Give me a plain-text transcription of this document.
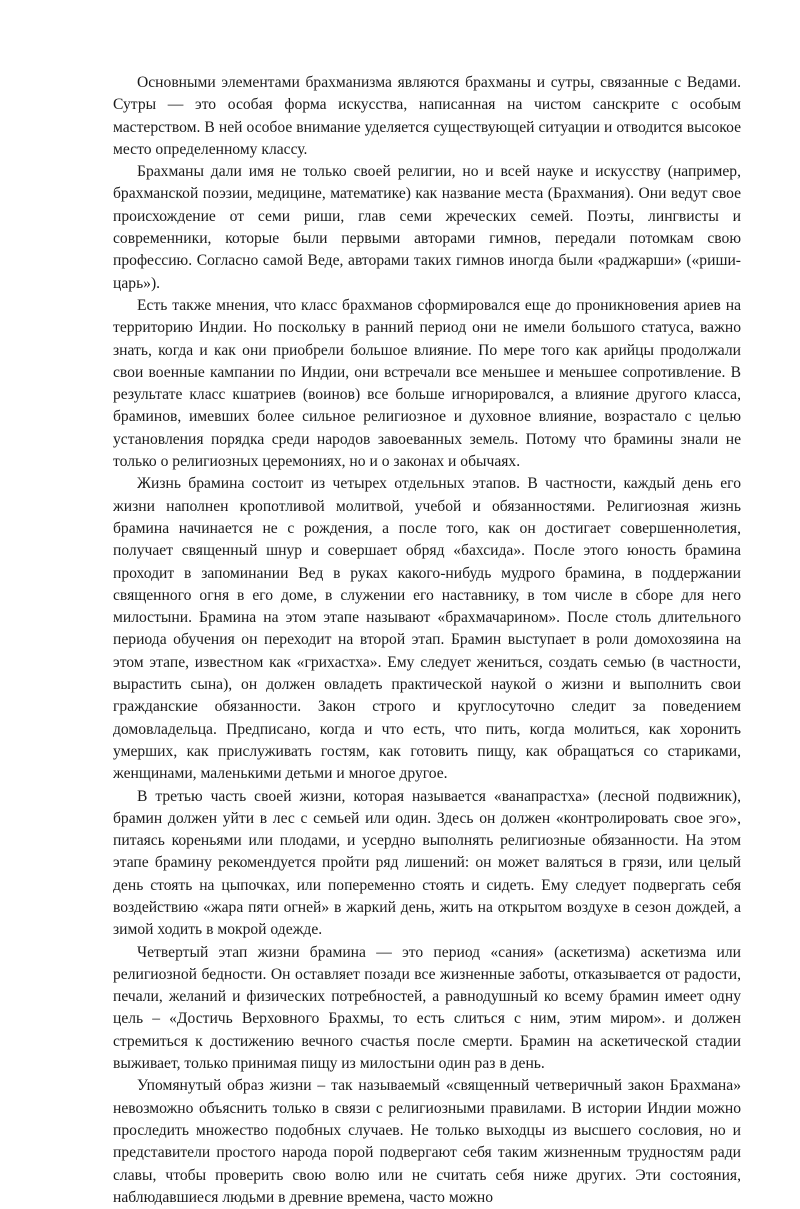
Основными элементами брахманизма являются брахманы и сутры, связанные с Ведами. Сутры — это особая форма искусства, написанная на чистом санскрите с особым мастерством. В ней особое внимание уделяется существующей ситуации и отводится высокое место определенному классу.

Брахманы дали имя не только своей религии, но и всей науке и искусству (например, брахманской поэзии, медицине, математике) как название места (Брахмания). Они ведут свое происхождение от семи риши, глав семи жреческих семей. Поэты, лингвисты и современники, которые были первыми авторами гимнов, передали потомкам свою профессию. Согласно самой Веде, авторами таких гимнов иногда были «раджарши» («риши-царь»).

Есть также мнения, что класс брахманов сформировался еще до проникновения ариев на территорию Индии. Но поскольку в ранний период они не имели большого статуса, важно знать, когда и как они приобрели большое влияние. По мере того как арийцы продолжали свои военные кампании по Индии, они встречали все меньшее и меньшее сопротивление. В результате класс кшатриев (воинов) все больше игнорировался, а влияние другого класса, браминов, имевших более сильное религиозное и духовное влияние, возрастало с целью установления порядка среди народов завоеванных земель. Потому что брамины знали не только о религиозных церемониях, но и о законах и обычаях.

Жизнь брамина состоит из четырех отдельных этапов. В частности, каждый день его жизни наполнен кропотливой молитвой, учебой и обязанностями. Религиозная жизнь брамина начинается не с рождения, а после того, как он достигает совершеннолетия, получает священный шнур и совершает обряд «бахсида». После этого юность брамина проходит в запоминании Вед в руках какого-нибудь мудрого брамина, в поддержании священного огня в его доме, в служении его наставнику, в том числе в сборе для него милостыни. Брамина на этом этапе называют «брахмачарином». После столь длительного периода обучения он переходит на второй этап. Брамин выступает в роли домохозяина на этом этапе, известном как «грихастха». Ему следует жениться, создать семью (в частности, вырастить сына), он должен овладеть практической наукой о жизни и выполнить свои гражданские обязанности. Закон строго и круглосуточно следит за поведением домовладельца. Предписано, когда и что есть, что пить, когда молиться, как хоронить умерших, как прислуживать гостям, как готовить пищу, как обращаться со стариками, женщинами, маленькими детьми и многое другое.

В третью часть своей жизни, которая называется «ванапрастха» (лесной подвижник), брамин должен уйти в лес с семьей или один. Здесь он должен «контролировать свое эго», питаясь кореньями или плодами, и усердно выполнять религиозные обязанности. На этом этапе брамину рекомендуется пройти ряд лишений: он может валяться в грязи, или целый день стоять на цыпочках, или попеременно стоять и сидеть. Ему следует подвергать себя воздействию «жара пяти огней» в жаркий день, жить на открытом воздухе в сезон дождей, а зимой ходить в мокрой одежде.

Четвертый этап жизни брамина — это период «сания» (аскетизма) аскетизма или религиозной бедности. Он оставляет позади все жизненные заботы, отказывается от радости, печали, желаний и физических потребностей, а равнодушный ко всему брамин имеет одну цель – «Достичь Верховного Брахмы, то есть слиться с ним, этим миром». и должен стремиться к достижению вечного счастья после смерти. Брамин на аскетической стадии выживает, только принимая пищу из милостыни один раз в день.

Упомянутый образ жизни – так называемый «священный четверичный закон Брахмана» невозможно объяснить только в связи с религиозными правилами. В истории Индии можно проследить множество подобных случаев. Не только выходцы из высшего сословия, но и представители простого народа порой подвергают себя таким жизненным трудностям ради славы, чтобы проверить свою волю или не считать себя ниже других. Эти состояния, наблюдавшиеся людьми в древние времена, часто можно
